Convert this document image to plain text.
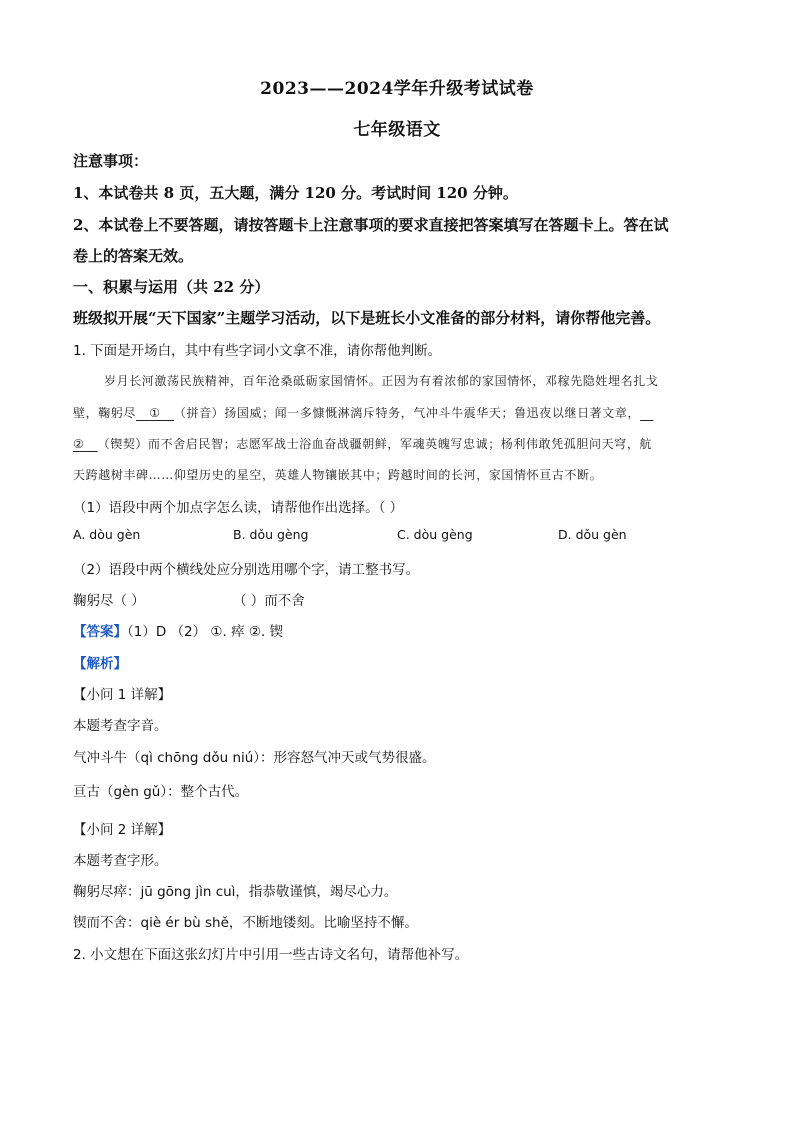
2023——2024学年升级考试试卷
七年级语文
注意事项：
1、本试卷共 8 页，五大题，满分 120 分。考试时间 120 分钟。
2、本试卷上不要答题，请按答题卡上注意事项的要求直接把答案填写在答题卡上。答在试
卷上的答案无效。
一、积累与运用（共 22 分）
班级拟开展“天下国家”主题学习活动，以下是班长小文准备的部分材料，请你帮他完善。
1. 下面是开场白，其中有些字词小文拿不准，请你帮他判断。
岁月长河激荡民族精神，百年沧桑砥砺家国情怀。正因为有着浓郁的家国情怀，邓稼先隐姓埋名扎戈
壁，鞠躬尽 ① （拼音）扬国威；闻一多慷慨淋漓斥特务，气冲斗牛震华天；鲁迅夜以继日著文章，
② （锲契）而不舍启民智；志愿军战士浴血奋战疆朝鲜，军魂英魄写忠诚；杨利伟敢凭孤胆问天穹，航
天跨越树丰碑……仰望历史的星空，英雄人物镶嵌其中；跨越时间的长河，家国情怀亘古不断。
（1）语段中两个加点字怎么读，请帮他作出选择。（ ）
A. dòu gèn	B. dǒu gèng	C. dòu gèng	D. dǒu gèn
（2）语段中两个横线处应分别选用哪个字，请工整书写。
鞠躬尽（ ）	（ ）而不舍
【答案】（1）D （2） ①. 瘁 ②. 锲
【解析】
【小问 1 详解】
本题考查字音。
气冲斗牛（qì chōng dǒu niú）：形容怒气冲天或气势很盛。
亘古（gèn gǔ）：整个古代。
【小问 2 详解】
本题考查字形。
鞠躬尽瘁：jū gōng jìn cuì，指恭敬谨慎，竭尽心力。
锲而不舍：qiè ér bù shě，不断地镂刻。比喻坚持不懈。
2. 小文想在下面这张幻灯片中引用一些古诗文名句，请帮他补写。
